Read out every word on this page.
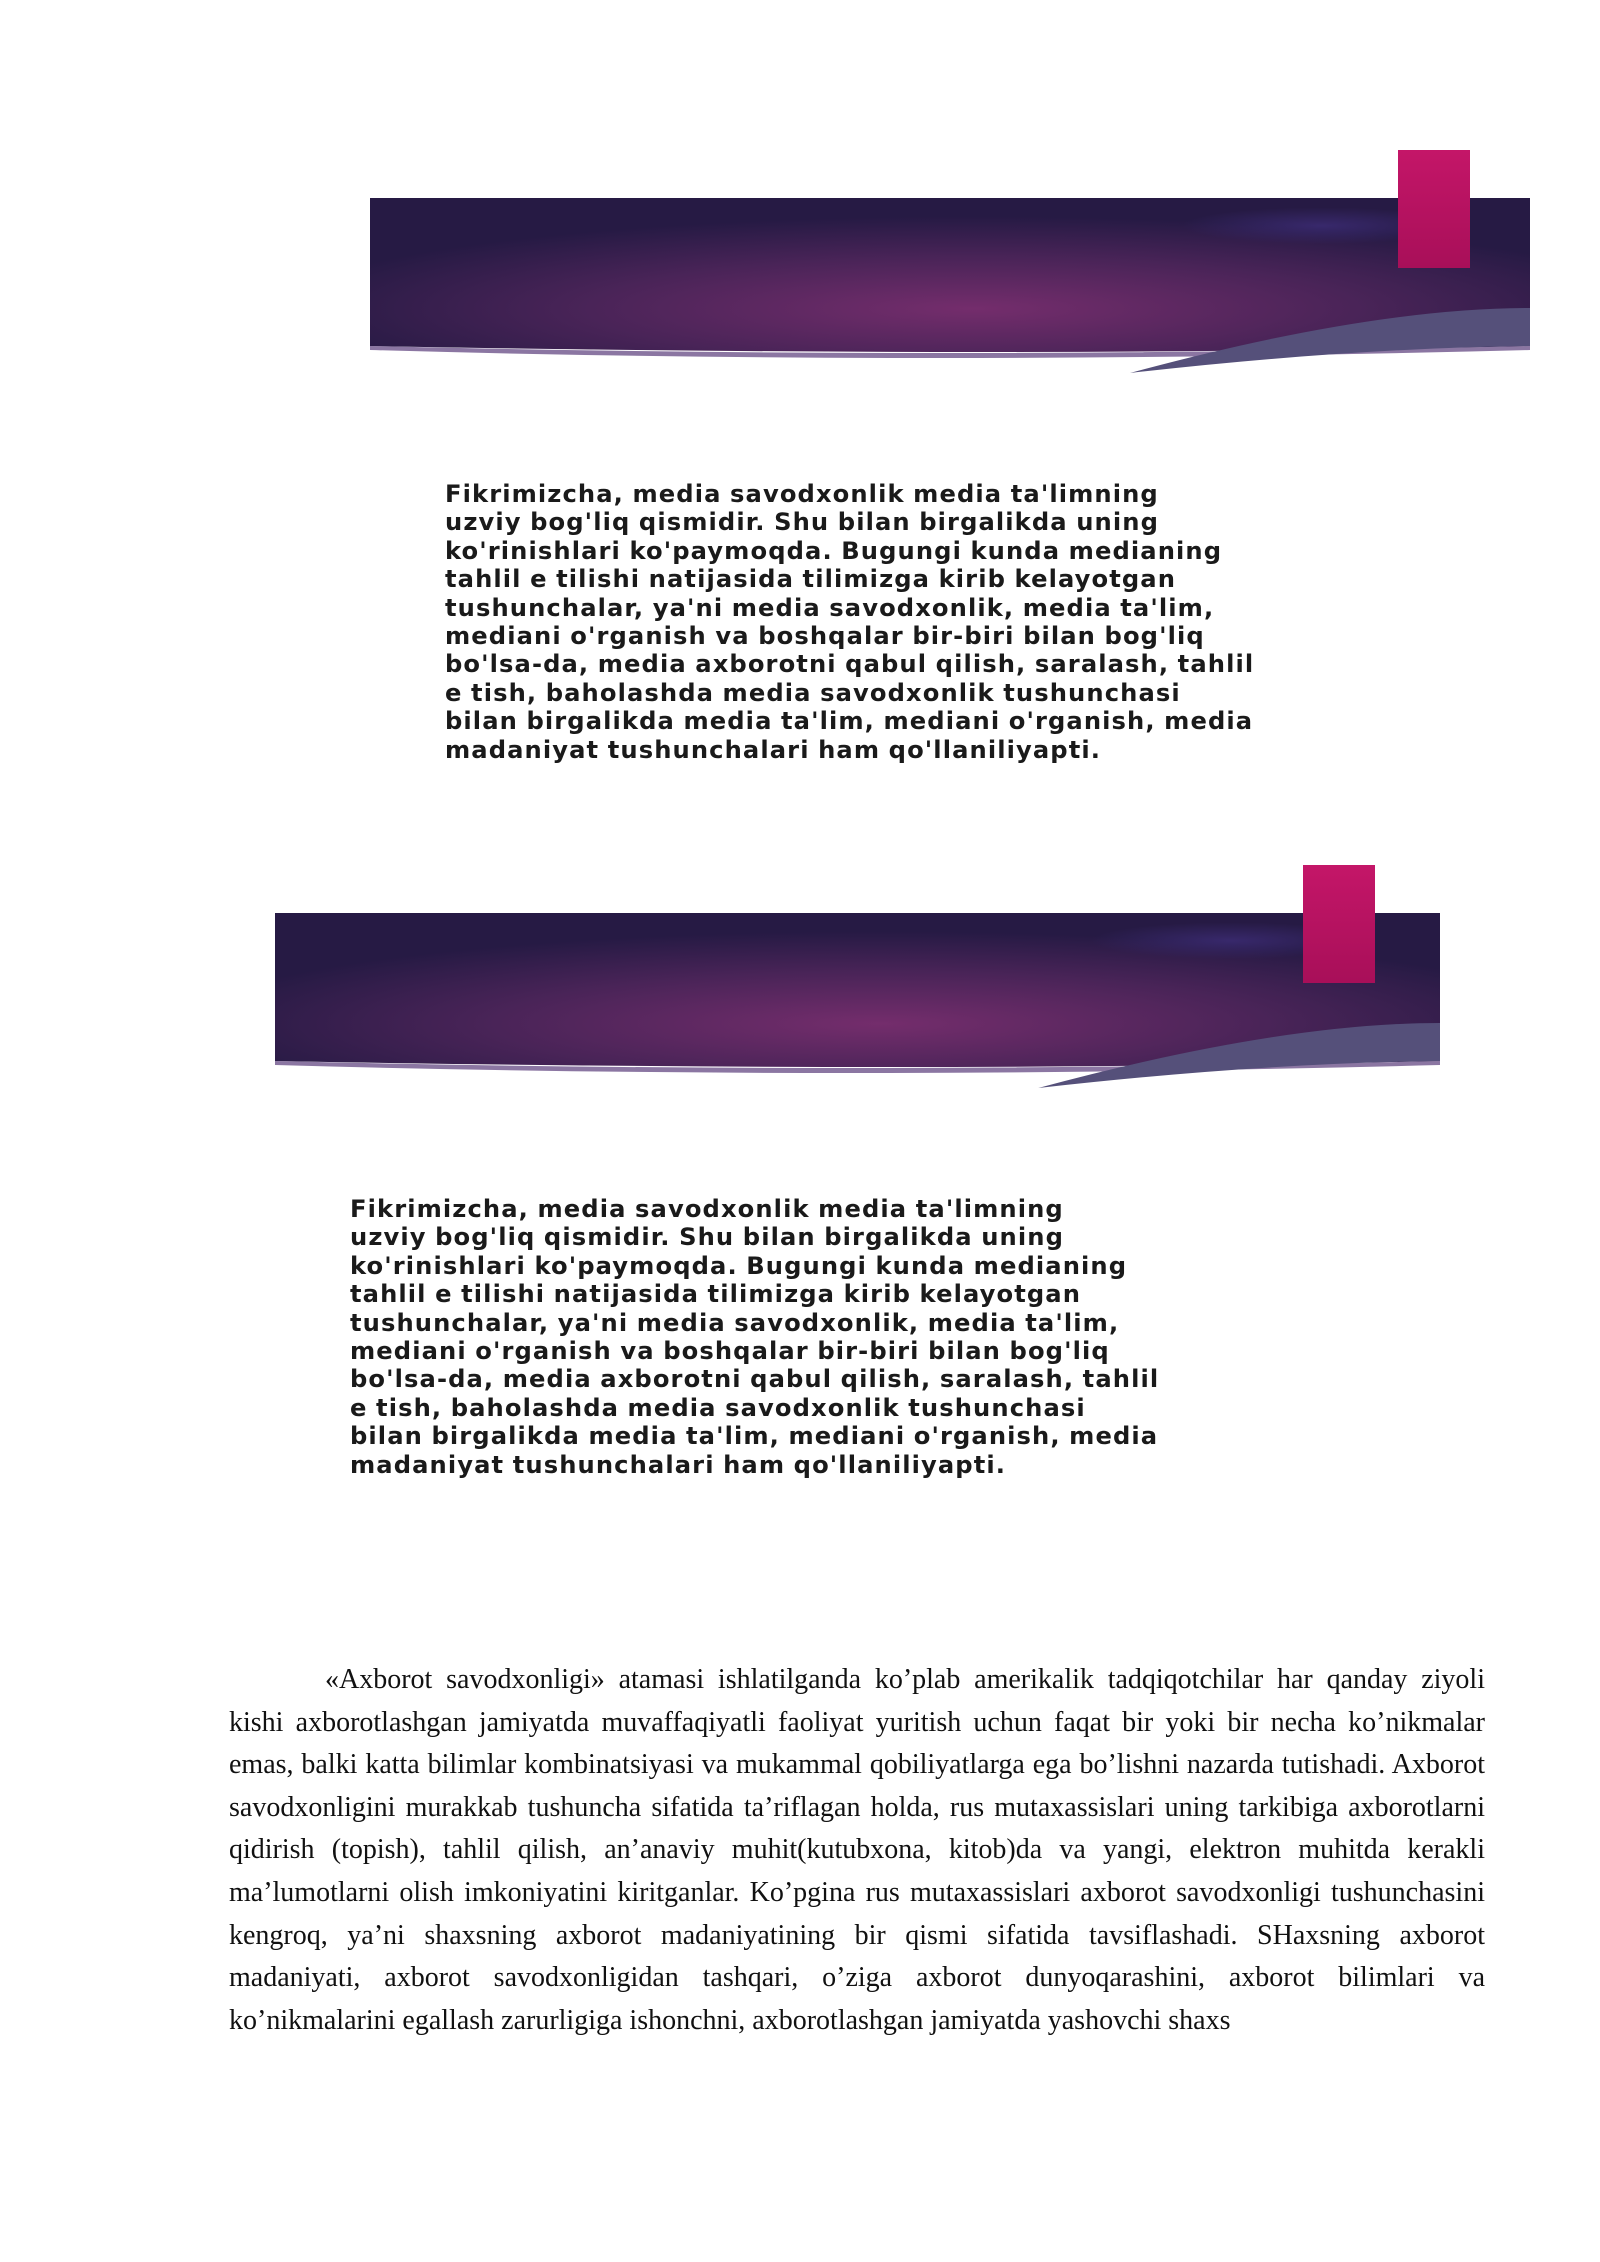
Fikrimizcha, media savodxonlik media ta'limning
uzviy bog'liq qismidir. Shu bilan birgalikda uning
ko'rinishlari ko'paymoqda. Bugungi kunda medianing
tahlil e tilishi natijasida tilimizga kirib kelayotgan
tushunchalar, ya'ni media savodxonlik, media ta'lim,
mediani o'rganish va boshqalar bir-biri bilan bog'liq
bo'lsa-da, media axborotni qabul qilish, saralash, tahlil
e tish, baholashda media savodxonlik tushunchasi
bilan birgalikda media ta'lim, mediani o'rganish, media
madaniyat tushunchalari ham qo'llaniliyapti.
Fikrimizcha, media savodxonlik media ta'limning
uzviy bog'liq qismidir. Shu bilan birgalikda uning
ko'rinishlari ko'paymoqda. Bugungi kunda medianing
tahlil e tilishi natijasida tilimizga kirib kelayotgan
tushunchalar, ya'ni media savodxonlik, media ta'lim,
mediani o'rganish va boshqalar bir-biri bilan bog'liq
bo'lsa-da, media axborotni qabul qilish, saralash, tahlil
e tish, baholashda media savodxonlik tushunchasi
bilan birgalikda media ta'lim, mediani o'rganish, media
madaniyat tushunchalari ham qo'llaniliyapti.

«Axborot savodxonligi» atamasi ishlatilganda ko’plab amerikalik tadqiqotchilar har qanday ziyoli kishi axborotlashgan jamiyatda muvaffaqiyatli faoliyat yuritish uchun faqat bir yoki bir necha ko’nikmalar emas, balki katta bilimlar kombinatsiyasi va mukammal qobiliyatlarga ega bo’lishni nazarda tutishadi. Axborot savodxonligini murakkab tushuncha sifatida ta’riflagan holda, rus mutaxassislari uning tarkibiga axborotlarni qidirish (topish), tahlil qilish, an’anaviy muhit(kutubxona, kitob)da va yangi, elektron muhitda kerakli ma’lumotlarni olish imkoniyatini kiritganlar. Ko’pgina rus mutaxassislari axborot savodxonligi tushunchasini kengroq, ya’ni shaxsning axborot madaniyatining bir qismi sifatida tavsiflashadi. SHaxsning axborot madaniyati, axborot savodxonligidan tashqari, o’ziga axborot dunyoqarashini, axborot bilimlari va ko’nikmalarini egallash zarurligiga ishonchni, axborotlashgan jamiyatda yashovchi shaxs
